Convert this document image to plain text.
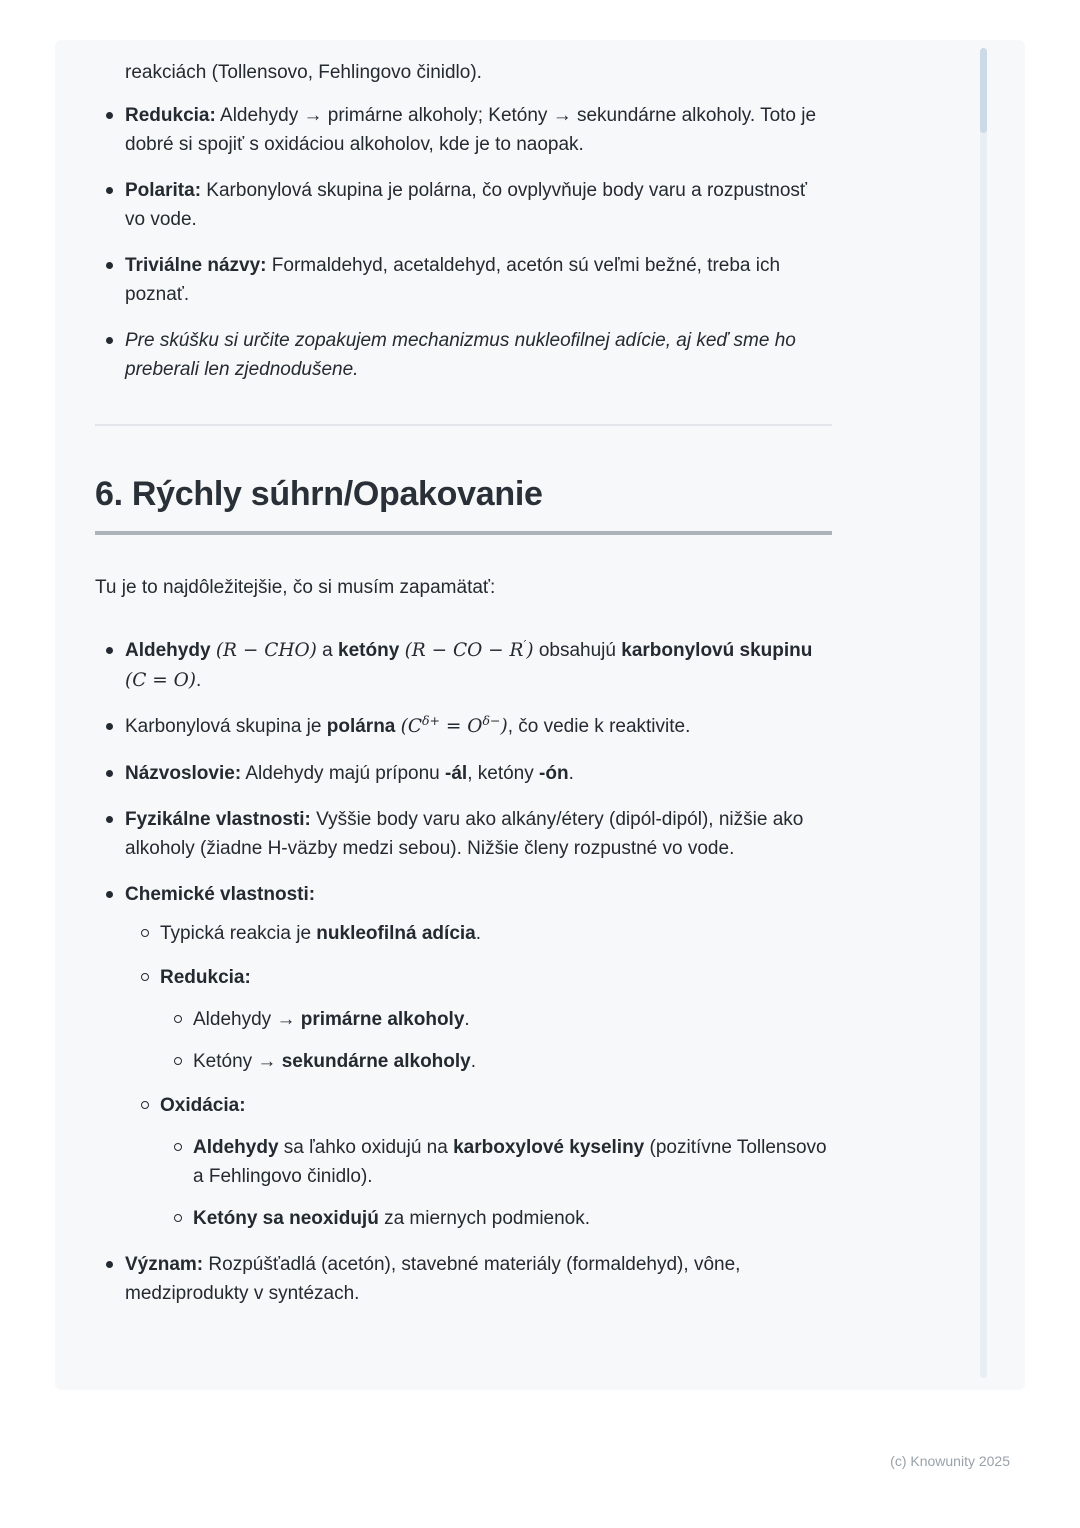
reakciách (Tollensovo, Fehlingovo činidlo).

Redukcia: Aldehydy → primárne alkoholy; Ketóny → sekundárne alkoholy. Toto je dobré si spojiť s oxidáciou alkoholov, kde je to naopak.
Polarita: Karbonylová skupina je polárna, čo ovplyvňuje body varu a rozpustnosť vo vode.
Triviálne názvy: Formaldehyd, acetaldehyd, acetón sú veľmi bežné, treba ich poznať.
Pre skúšku si určite zopakujem mechanizmus nukleofilnej adície, aj keď sme ho preberali len zjednodušene.
6. Rýchly súhrn/Opakovanie

Tu je to najdôležitejšie, čo si musím zapamätať:

Aldehydy (R − CHO) a ketóny (R − CO − R′) obsahujú karbonylovú skupinu (C = O).
Karbonylová skupina je polárna $(C^{\delta+} = O^{\delta-})$, čo vedie k reaktivite.
Názvoslovie: Aldehydy majú príponu -ál, ketóny -ón.
Fyzikálne vlastnosti: Vyššie body varu ako alkány/étery (dipól-dipól), nižšie ako alkoholy (žiadne H-väzby medzi sebou). Nižšie členy rozpustné vo vode.
Chemické vlastnosti:
Typická reakcia je nukleofilná adícia.
Redukcia:
Aldehydy → primárne alkoholy.
Ketóny → sekundárne alkoholy.
Oxidácia:
Aldehydy sa ľahko oxidujú na karboxylové kyseliny (pozitívne Tollensovo a Fehlingovo činidlo).
Ketóny sa neoxidujú za miernych podmienok.
Význam: Rozpúšťadlá (acetón), stavebné materiály (formaldehyd), vône, medziprodukty v syntézach.
(c) Knowunity 2025
